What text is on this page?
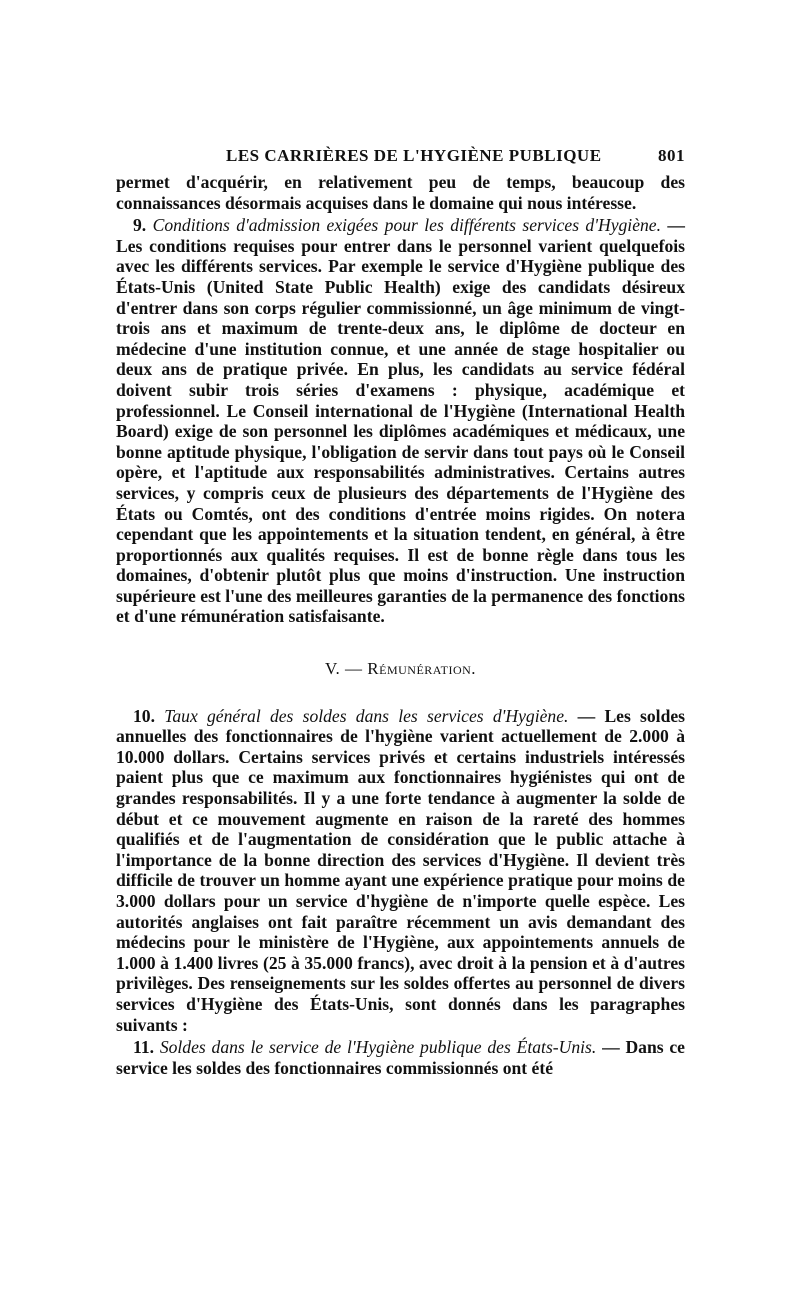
LES CARRIÈRES DE L'HYGIÈNE PUBLIQUE	801

permet d'acquérir, en relativement peu de temps, beaucoup des connaissances désormais acquises dans le domaine qui nous intéresse.

9. Conditions d'admission exigées pour les différents services d'Hygiène. — Les conditions requises pour entrer dans le personnel varient quelquefois avec les différents services. Par exemple le service d'Hygiène publique des États-Unis (United State Public Health) exige des candidats désireux d'entrer dans son corps régulier commissionné, un âge minimum de vingt-trois ans et maximum de trente-deux ans, le diplôme de docteur en médecine d'une institution connue, et une année de stage hospitalier ou deux ans de pratique privée. En plus, les candidats au service fédéral doivent subir trois séries d'examens : physique, académique et professionnel. Le Conseil international de l'Hygiène (International Health Board) exige de son personnel les diplômes académiques et médicaux, une bonne aptitude physique, l'obligation de servir dans tout pays où le Conseil opère, et l'aptitude aux responsabilités administratives. Certains autres services, y compris ceux de plusieurs des départements de l'Hygiène des États ou Comtés, ont des conditions d'entrée moins rigides. On notera cependant que les appointements et la situation tendent, en général, à être proportionnés aux qualités requises. Il est de bonne règle dans tous les domaines, d'obtenir plutôt plus que moins d'instruction. Une instruction supérieure est l'une des meilleures garanties de la permanence des fonctions et d'une rémunération satisfaisante.

V. — Rémunération.

10. Taux général des soldes dans les services d'Hygiène. — Les soldes annuelles des fonctionnaires de l'hygiène varient actuellement de 2.000 à 10.000 dollars. Certains services privés et certains industriels intéressés paient plus que ce maximum aux fonctionnaires hygiénistes qui ont de grandes responsabilités. Il y a une forte tendance à augmenter la solde de début et ce mouvement augmente en raison de la rareté des hommes qualifiés et de l'augmentation de considération que le public attache à l'importance de la bonne direction des services d'Hygiène. Il devient très difficile de trouver un homme ayant une expérience pratique pour moins de 3.000 dollars pour un service d'hygiène de n'importe quelle espèce. Les autorités anglaises ont fait paraître récemment un avis demandant des médecins pour le ministère de l'Hygiène, aux appointements annuels de 1.000 à 1.400 livres (25 à 35.000 francs), avec droit à la pension et à d'autres privilèges. Des renseignements sur les soldes offertes au personnel de divers services d'Hygiène des États-Unis, sont donnés dans les paragraphes suivants :

11. Soldes dans le service de l'Hygiène publique des États-Unis. — Dans ce service les soldes des fonctionnaires commissionnés ont été
